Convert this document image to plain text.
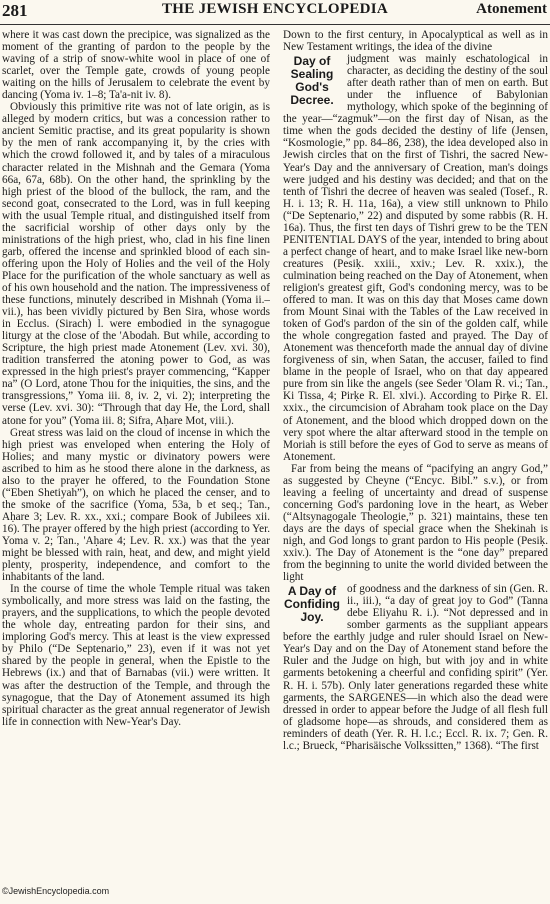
281	THE JEWISH ENCYCLOPEDIA	Atonement

where it was cast down the precipice, was signalized as the moment of the granting of pardon to the people by the waving of a strip of snow-white wool in place of one of scarlet, over the Temple gate, crowds of young people waiting on the hills of Jerusalem to celebrate the event by dancing (Yoma iv. 1–8; Ta'a-nit iv. 8).

Obviously this primitive rite was not of late origin, as is alleged by modern critics, but was a concession rather to ancient Semitic practise, and its great popularity is shown by the men of rank accompanying it, by the cries with which the crowd followed it, and by tales of a miraculous character related in the Mishnah and the Gemara (Yoma 66a, 67a, 68b). On the other hand, the sprinkling by the high priest of the blood of the bullock, the ram, and the second goat, consecrated to the Lord, was in full keeping with the usual Temple ritual, and distinguished itself from the sacrificial worship of other days only by the ministrations of the high priest, who, clad in his fine linen garb, offered the incense and sprinkled blood of each sin-offering upon the Holy of Holies and the veil of the Holy Place for the purification of the whole sanctuary as well as of his own household and the nation. The impressiveness of these functions, minutely described in Mishnah (Yoma ii.–vii.), has been vividly pictured by Ben Sira, whose words in Ecclus. (Sirach) l. were embodied in the synagogue liturgy at the close of the 'Abodah. But while, according to Scripture, the high priest made Atonement (Lev. xvi. 30), tradition transferred the atoning power to God, as was expressed in the high priest's prayer commencing, “Kapper na” (O Lord, atone Thou for the iniquities, the sins, and the transgressions,” Yoma iii. 8, iv. 2, vi. 2); interpreting the verse (Lev. xvi. 30): “Through that day He, the Lord, shall atone for you” (Yoma iii. 8; Sifra, Aḥare Mot, viii.).

Great stress was laid on the cloud of incense in which the high priest was enveloped when entering the Holy of Holies; and many mystic or divinatory powers were ascribed to him as he stood there alone in the darkness, as also to the prayer he offered, to the Foundation Stone (“Eben Shetiyah”), on which he placed the censer, and to the smoke of the sacrifice (Yoma, 53a, b et seq.; Tan., Aḥare 3; Lev. R. xx., xxi.; compare Book of Jubilees xii. 16). The prayer offered by the high priest (according to Yer. Yoma v. 2; Tan., 'Aḥare 4; Lev. R. xx.) was that the year might be blessed with rain, heat, and dew, and might yield plenty, prosperity, independence, and comfort to the inhabitants of the land.

In the course of time the whole Temple ritual was taken symbolically, and more stress was laid on the fasting, the prayers, and the supplications, to which the people devoted the whole day, entreating pardon for their sins, and imploring God's mercy. This at least is the view expressed by Philo (“De Septenario,” 23), even if it was not yet shared by the people in general, when the Epistle to the Hebrews (ix.) and that of Barnabas (vii.) were written. It was after the destruction of the Temple, and through the synagogue, that the Day of Atonement assumed its high spiritual character as the great annual regenerator of Jewish life in connection with New-Year's Day.

Down to the first century, in Apocalyptical as well as in New Testament writings, the idea of the divine

Day of Sealing God's Decree.

judgment was mainly eschatological in character, as deciding the destiny of the soul after death rather than of men on earth. But under the influence of Babylonian mythology, which spoke of the beginning of the year—“zagmuk”—on the first day of Nisan, as the time when the gods decided the destiny of life (Jensen, “Kosmologie,” pp. 84–86, 238), the idea developed also in Jewish circles that on the first of Tishri, the sacred New-Year's Day and the anniversary of Creation, man's doings were judged and his destiny was decided; and that on the tenth of Tishri the decree of heaven was sealed (Tosef., R. H. i. 13; R. H. 11a, 16a), a view still unknown to Philo (“De Septenario,” 22) and disputed by some rabbis (R. H. 16a). Thus, the first ten days of Tishri grew to be the TEN PENITENTIAL DAYS of the year, intended to bring about a perfect change of heart, and to make Israel like new-born creatures (Pesiḳ. xxiii., xxiv.; Lev. R. xxix.), the culmination being reached on the Day of Atonement, when religion's greatest gift, God's condoning mercy, was to be offered to man. It was on this day that Moses came down from Mount Sinai with the Tables of the Law received in token of God's pardon of the sin of the golden calf, while the whole congregation fasted and prayed. The Day of Atonement was thenceforth made the annual day of divine forgiveness of sin, when Satan, the accuser, failed to find blame in the people of Israel, who on that day appeared pure from sin like the angels (see Seder 'Olam R. vi.; Tan., Ki Tissa, 4; Pirḳe R. El. xlvi.). According to Pirḳe R. El. xxix., the circumcision of Abraham took place on the Day of Atonement, and the blood which dropped down on the very spot where the altar afterward stood in the temple on Moriah is still before the eyes of God to serve as means of Atonement.

Far from being the means of “pacifying an angry God,” as suggested by Cheyne (“Encyc. Bibl.” s.v.), or from leaving a feeling of uncertainty and dread of suspense concerning God's pardoning love in the heart, as Weber (“Altsynagogale Theologie,” p. 321) maintains, these ten days are the days of special grace when the Shekinah is nigh, and God longs to grant pardon to His people (Pesiḳ. xxiv.). The Day of Atonement is the “one day” prepared from the beginning to unite the world divided between the light

A Day of Confiding Joy.

of goodness and the darkness of sin (Gen. R. ii., iii.), “a day of great joy to God” (Tanna debe Eliyahu R. i.). “Not depressed and in somber garments as the suppliant appears before the earthly judge and ruler should Israel on New-Year's Day and on the Day of Atonement stand before the Ruler and the Judge on high, but with joy and in white garments betokening a cheerful and confiding spirit” (Yer. R. H. i. 57b). Only later generations regarded these white garments, the SARGENES—in which also the dead were dressed in order to appear before the Judge of all flesh full of gladsome hope—as shrouds, and considered them as reminders of death (Yer. R. H. l.c.; Eccl. R. ix. 7; Gen. R. l.c.; Brueck, “Pharisäische Volkssitten,” 1368). “The first

©JewishEncyclopedia.com
